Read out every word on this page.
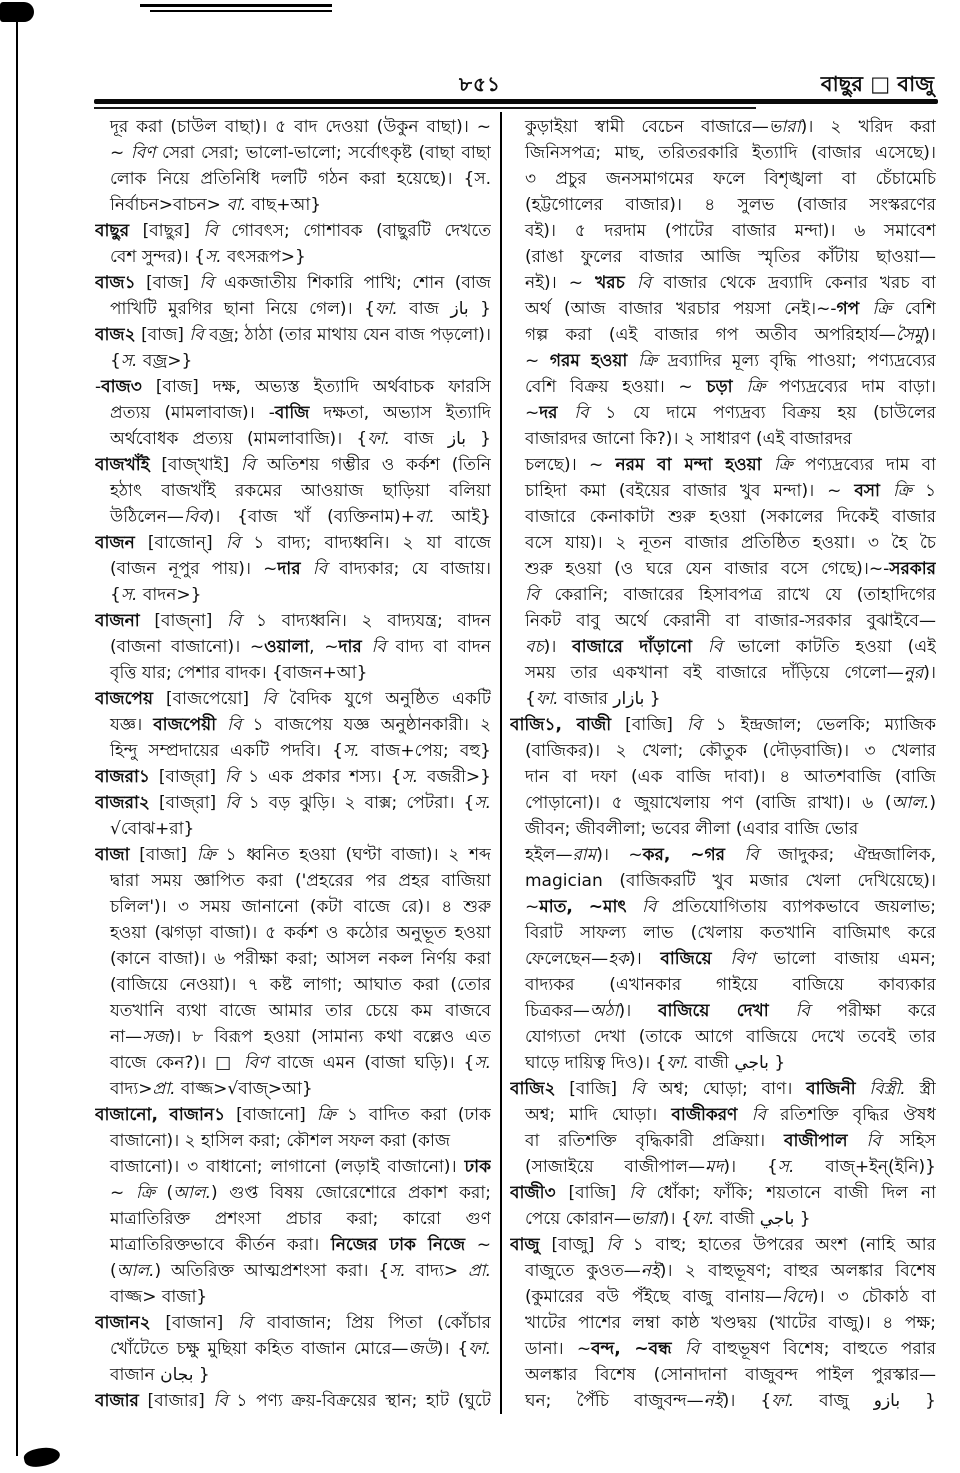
৮৫১	বাছুর □ বাজু
দূর করা (চাউল বাছা)। ৫ বাদ দেওয়া (উকুন বাছা)। ~
~ বিণ সেরা সেরা; ভালো-ভালো; সর্বোৎকৃষ্ট (বাছা বাছা
লোক নিয়ে প্রতিনিধি দলটি গঠন করা হয়েছে)। {স.
নির্বাচন>বাচন> বা. বাছ+আ}
বাছুর [বাছুর] বি গোবৎস; গোশাবক (বাছুরটি দেখতে
বেশ সুন্দর)। {স. বৎসরূপ>}
বাজ১ [বাজ] বি একজাতীয় শিকারি পাখি; শোন (বাজ
পাখিটি মুরগির ছানা নিয়ে গেল)। {ফা. বাজ باز }
বাজ২ [বাজ] বি বজ্র; ঠাঠা (তার মাথায় যেন বাজ পড়লো)।
{স. বজ্র>}
-বাজ৩ [বাজ] দক্ষ, অভ্যস্ত ইত্যাদি অর্থবাচক ফারসি
প্রত্যয় (মামলাবাজ)। -বাজি দক্ষতা, অভ্যাস ইত্যাদি
অর্থবোধক প্রত্যয় (মামলাবাজি)। {ফা. বাজ باز }
বাজখাঁই [বাজ্‌খাই] বি অতিশয় গম্ভীর ও কর্কশ (তিনি
হঠাৎ বাজখাঁই রকমের আওয়াজ ছাড়িয়া বলিয়া
উঠিলেন—বিব)। {বাজ খাঁ (ব্যক্তিনাম)+বা. আই}
বাজন [বাজোন্] বি ১ বাদ্য; বাদ্যধ্বনি। ২ যা বাজে
(বাজন নূপুর পায়)। ~দার বি বাদ্যকার; যে বাজায়।
{স. বাদন>}
বাজনা [বাজ্‌না] বি ১ বাদ্যধ্বনি। ২ বাদ্যযন্ত্র; বাদন
(বাজনা বাজানো)। ~ওয়ালা, ~দার বি বাদ্য বা বাদন
বৃত্তি যার; পেশার বাদক। {বাজন+আ}
বাজপেয় [বাজপেয়ো] বি বৈদিক যুগে অনুষ্ঠিত একটি
যজ্ঞ। বাজপেয়ী বি ১ বাজপেয় যজ্ঞ অনুষ্ঠানকারী। ২
হিন্দু সম্প্রদায়ের একটি পদবি। {স. বাজ+পেয়; বহু}
বাজরা১ [বাজ্‌রা] বি ১ এক প্রকার শস্য। {স. বজরী>}
বাজরা২ [বাজ্‌রা] বি ১ বড় ঝুড়ি। ২ বাক্স; পেটরা। {স.
√বোঝ+রা}
বাজা [বাজা] ক্রি ১ ধ্বনিত হওয়া (ঘণ্টা বাজা)। ২ শব্দ
দ্বারা সময় জ্ঞাপিত করা ('প্রহরের পর প্রহর বাজিয়া
চলিল')। ৩ সময় জানানো (কটা বাজে রে)। ৪ শুরু
হওয়া (ঝগড়া বাজা)। ৫ কর্কশ ও কঠোর অনুভূত হওয়া
(কানে বাজা)। ৬ পরীক্ষা করা; আসল নকল নির্ণয় করা
(বাজিয়ে নেওয়া)। ৭ কষ্ট লাগা; আঘাত করা (তোর
যতখানি ব্যথা বাজে আমার তার চেয়ে কম বাজবে
না—সজ)। ৮ বিরূপ হওয়া (সামান্য কথা বল্লেও এত
বাজে কেন?)। □ বিণ বাজে এমন (বাজা ঘড়ি)। {স.
বাদ্য>প্রা. বাজ্জ>√বাজ্>আ}
বাজানো, বাজান১ [বাজানো] ক্রি ১ বাদিত করা (ঢাক
বাজানো)। ২ হাসিল করা; কৌশল সফল করা (কাজ
বাজানো)। ৩ বাধানো; লাগানো (লড়াই বাজানো)। ঢাক
~ ক্রি (আল.) গুপ্ত বিষয় জোরেশোরে প্রকাশ করা;
মাত্রাতিরিক্ত প্রশংসা প্রচার করা; কারো গুণ
মাত্রাতিরিক্তভাবে কীর্তন করা। নিজের ঢাক নিজে ~
(আল.) অতিরিক্ত আত্মপ্রশংসা করা। {স. বাদ্য> প্রা.
বাজ্জ> বাজা}
বাজান২ [বাজান] বি বাবাজান; প্রিয় পিতা (কোঁচার
খোঁটেতে চক্ষু মুছিয়া কহিত বাজান মোরে—জউ)। {ফা.
বাজান بجان }
বাজার [বাজার] বি ১ পণ্য ক্রয়-বিক্রয়ের স্থান; হাট (ঘুটে
কুড়াইয়া স্বামী বেচেন বাজারে—ভারা)। ২ খরিদ করা
জিনিসপত্র; মাছ, তরিতরকারি ইত্যাদি (বাজার এসেছে)।
৩ প্রচুর জনসমাগমের ফলে বিশৃঙ্খলা বা চেঁচামেচি
(হট্টগোলের বাজার)। ৪ সুলভ (বাজার সংস্করণের
বই)। ৫ দরদাম (পাটের বাজার মন্দা)। ৬ সমাবেশ
(রাঙা ফুলের বাজার আজি স্মৃতির কাঁটায় ছাওয়া—
নই)। ~ খরচ বি বাজার থেকে দ্রব্যাদি কেনার খরচ বা
অর্থ (আজ বাজার খরচার পয়সা নেই।~-গপ ক্রি বেশি
গল্প করা (এই বাজার গপ অতীব অপরিহার্য—সৈমু)।
~ গরম হওয়া ক্রি দ্রব্যাদির মূল্য বৃদ্ধি পাওয়া; পণ্যদ্রব্যের
বেশি বিক্রয় হওয়া। ~ চড়া ক্রি পণ্যদ্রব্যের দাম বাড়া।
~দর বি ১ যে দামে পণ্যদ্রব্য বিক্রয় হয় (চাউলের
বাজারদর জানো কি?)। ২ সাধারণ (এই বাজারদর
চলছে)। ~ নরম বা মন্দা হওয়া ক্রি পণ্যদ্রব্যের দাম বা
চাহিদা কমা (বইয়ের বাজার খুব মন্দা)। ~ বসা ক্রি ১
বাজারে কেনাকাটা শুরু হওয়া (সকালের দিকেই বাজার
বসে যায়)। ২ নূতন বাজার প্রতিষ্ঠিত হওয়া। ৩ হৈ চৈ
শুরু হওয়া (ও ঘরে যেন বাজার বসে গেছে)।~-সরকার
বি কেরানি; বাজারের হিসাবপত্র রাখে যে (তাহাদিগের
নিকট বাবু অর্থে কেরানী বা বাজার-সরকার বুঝাইবে—
বচ)। বাজারে দাঁড়ানো বি ভালো কাটতি হওয়া (এই
সময় তার একখানা বই বাজারে দাঁড়িয়ে গেলো—নুর)।
{ফা. বাজার بازار }
বাজি১, বাজী [বাজি] বি ১ ইন্দ্রজাল; ভেলকি; ম্যাজিক
(বাজিকর)। ২ খেলা; কৌতুক (দৌড়বাজি)। ৩ খেলার
দান বা দফা (এক বাজি দাবা)। ৪ আতশবাজি (বাজি
পোড়ানো)। ৫ জুয়াখেলায় পণ (বাজি রাখা)। ৬ (আল.)
জীবন; জীবলীলা; ভবের লীলা (এবার বাজি ভোর
হইল—রাম)। ~কর, ~গর বি জাদুকর; ঐন্দ্রজালিক,
magician (বাজিকরটি খুব মজার খেলা দেখিয়েছে)।
~মাত, ~মাৎ বি প্রতিযোগিতায় ব্যাপকভাবে জয়লাভ;
বিরাট সাফল্য লাভ (খেলায় কতখানি বাজিমাৎ করে
ফেলেছেন—হক)। বাজিয়ে বিণ ভালো বাজায় এমন;
বাদ্যকর (এখানকার গাইয়ে বাজিয়ে কাব্যকার
চিত্রকর—অঠা)। বাজিয়ে দেখা বি পরীক্ষা করে
যোগ্যতা দেখা (তাকে আগে বাজিয়ে দেখে তবেই তার
ঘাড়ে দায়িত্ব দিও)। {ফা. বাজী باجي }
বাজি২ [বাজি] বি অশ্ব; ঘোড়া; বাণ। বাজিনী বিস্ত্রী. স্ত্রী
অশ্ব; মাদি ঘোড়া। বাজীকরণ বি রতিশক্তি বৃদ্ধির ঔষধ
বা রতিশক্তি বৃদ্ধিকারী প্রক্রিয়া। বাজীপাল বি সহিস
(সাজাইয়ে বাজীপাল—মদ)। {স. বাজ্+ইন্(ইনি)}
বাজী৩ [বাজি] বি ধোঁকা; ফাঁকি; শয়তানে বাজী দিল না
পেয়ে কোরান—ভারা)। {ফা. বাজী باجي }
বাজু [বাজু] বি ১ বাহু; হাতের উপরের অংশ (নাহি আর
বাজুতে কুওত—নই)। ২ বাহুভূষণ; বাহুর অলঙ্কার বিশেষ
(কুমারের বউ পঁইছে বাজু বানায়—বিদে)। ৩ চৌকাঠ বা
খাটের পাশের লম্বা কাষ্ঠ খণ্ডদ্বয় (খাটের বাজু)। ৪ পক্ষ;
ডানা। ~বন্দ, ~বন্ধ বি বাহুভূষণ বিশেষ; বাহুতে পরার
অলঙ্কার বিশেষ (সোনাদানা বাজুবন্দ পাইল পুরস্কার—
ঘন; পৈঁচি বাজুবন্দ—নই)। {ফা. বাজু بازو }
